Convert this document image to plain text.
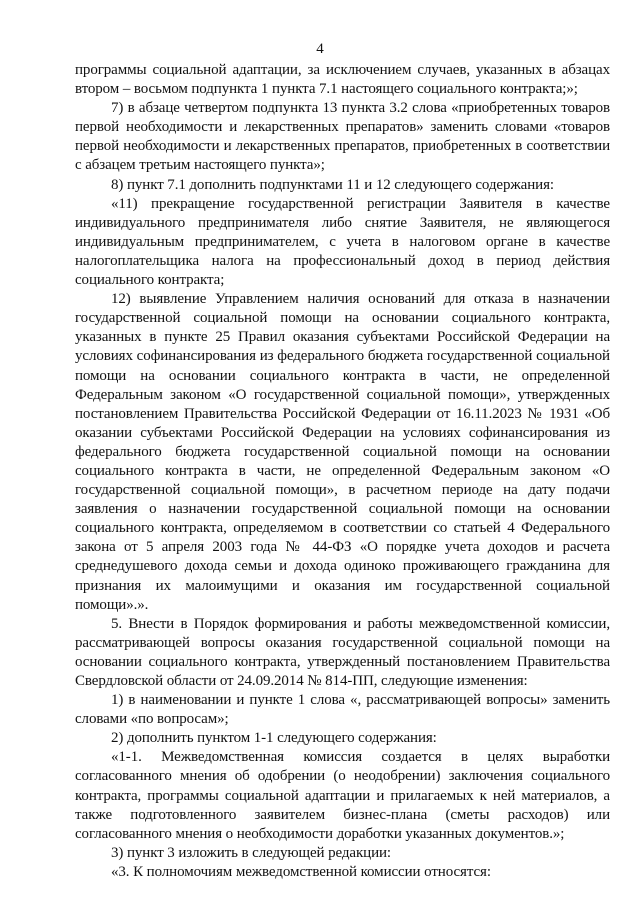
4

программы социальной адаптации, за исключением случаев, указанных в абзацах втором – восьмом подпункта 1 пункта 7.1 настоящего социального контракта;»;

7) в абзаце четвертом подпункта 13 пункта 3.2 слова «приобретенных товаров первой необходимости и лекарственных препаратов» заменить словами «товаров первой необходимости и лекарственных препаратов, приобретенных в соответствии с абзацем третьим настоящего пункта»;

8) пункт 7.1 дополнить подпунктами 11 и 12 следующего содержания:

«11) прекращение государственной регистрации Заявителя в качестве индивидуального предпринимателя либо снятие Заявителя, не являющегося индивидуальным предпринимателем, с учета в налоговом органе в качестве налогоплательщика налога на профессиональный доход в период действия социального контракта;

12) выявление Управлением наличия оснований для отказа в назначении государственной социальной помощи на основании социального контракта, указанных в пункте 25 Правил оказания субъектами Российской Федерации на условиях софинансирования из федерального бюджета государственной социальной помощи на основании социального контракта в части, не определенной Федеральным законом «О государственной социальной помощи», утвержденных постановлением Правительства Российской Федерации от 16.11.2023 № 1931 «Об оказании субъектами Российской Федерации на условиях софинансирования из федерального бюджета государственной социальной помощи на основании социального контракта в части, не определенной Федеральным законом «О государственной социальной помощи», в расчетном периоде на дату подачи заявления о назначении государственной социальной помощи на основании социального контракта, определяемом в соответствии со статьей 4 Федерального закона от 5 апреля 2003 года № 44-ФЗ «О порядке учета доходов и расчета среднедушевого дохода семьи и дохода одиноко проживающего гражданина для признания их малоимущими и оказания им государственной социальной помощи».».

5. Внести в Порядок формирования и работы межведомственной комиссии, рассматривающей вопросы оказания государственной социальной помощи на основании социального контракта, утвержденный постановлением Правительства Свердловской области от 24.09.2014 № 814-ПП, следующие изменения:

1) в наименовании и пункте 1 слова «, рассматривающей вопросы» заменить словами «по вопросам»;

2) дополнить пунктом 1-1 следующего содержания:

«1-1. Межведомственная комиссия создается в целях выработки согласованного мнения об одобрении (о неодобрении) заключения социального контракта, программы социальной адаптации и прилагаемых к ней материалов, а также подготовленного заявителем бизнес-плана (сметы расходов) или согласованного мнения о необходимости доработки указанных документов.»;

3) пункт 3 изложить в следующей редакции:

«3. К полномочиям межведомственной комиссии относятся:
